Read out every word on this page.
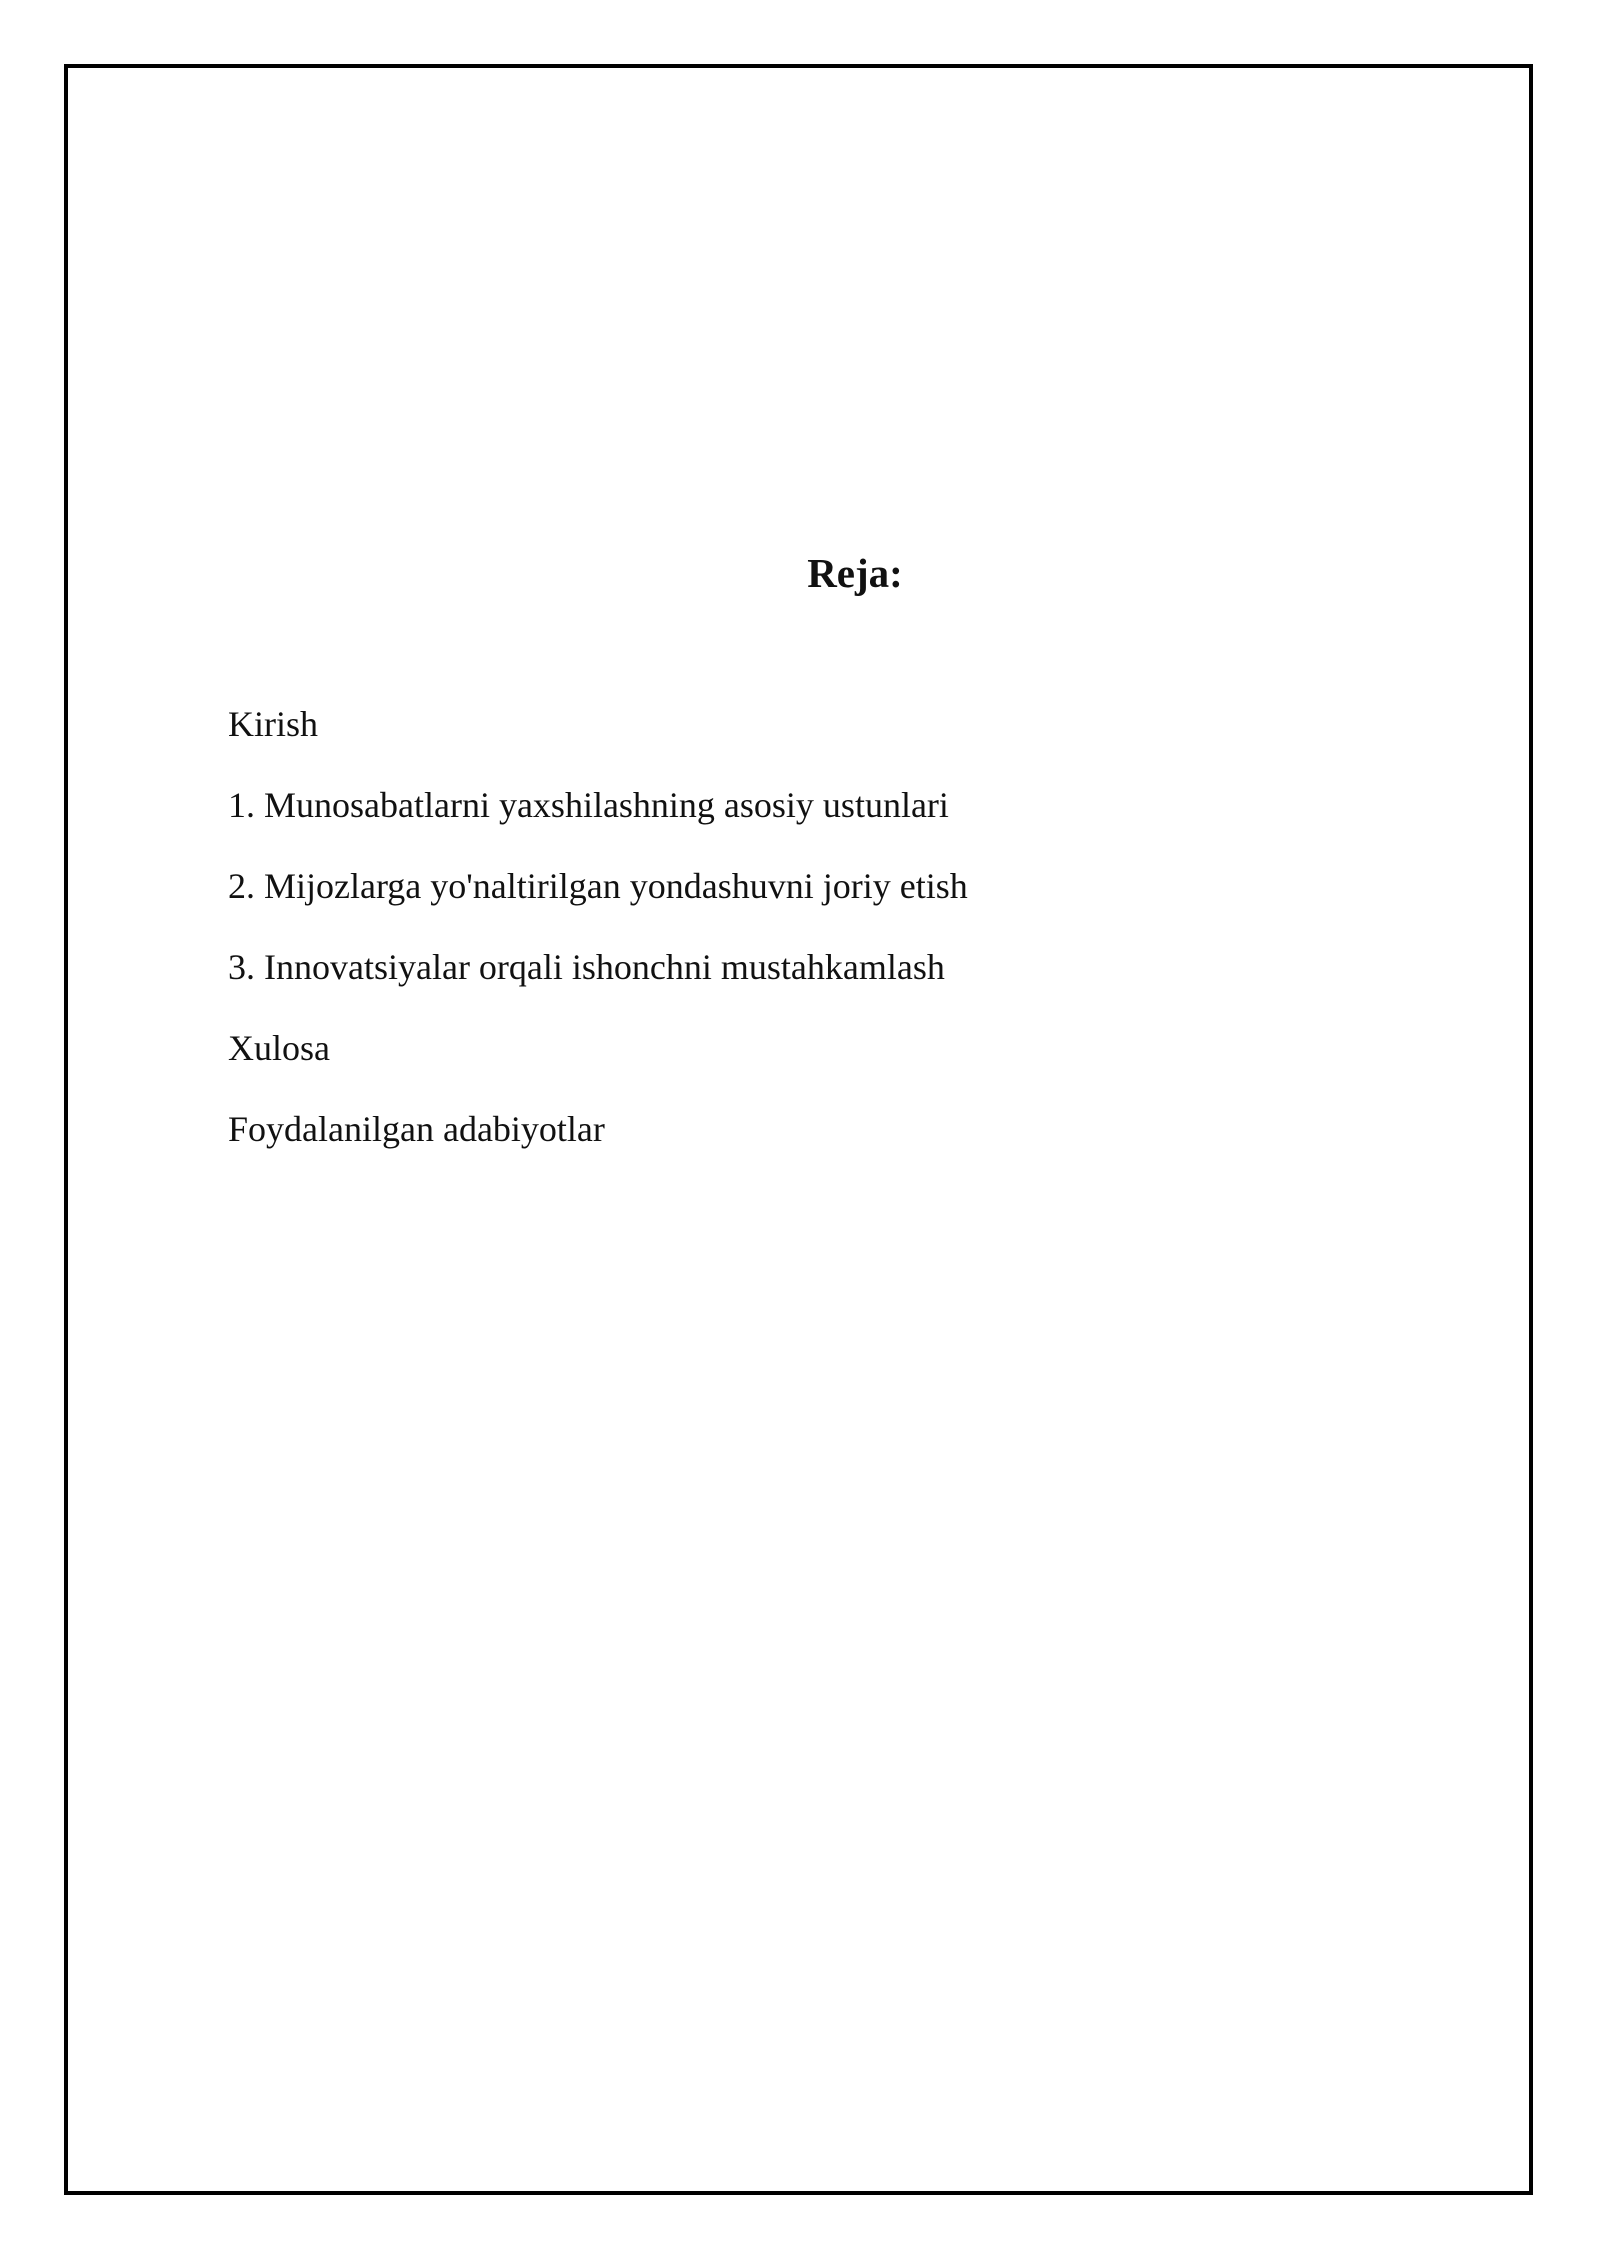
Reja:
Kirish
1. Munosabatlarni yaxshilashning asosiy ustunlari
2. Mijozlarga yo'naltirilgan yondashuvni joriy etish
3. Innovatsiyalar orqali ishonchni mustahkamlash
Xulosa
Foydalanilgan adabiyotlar
